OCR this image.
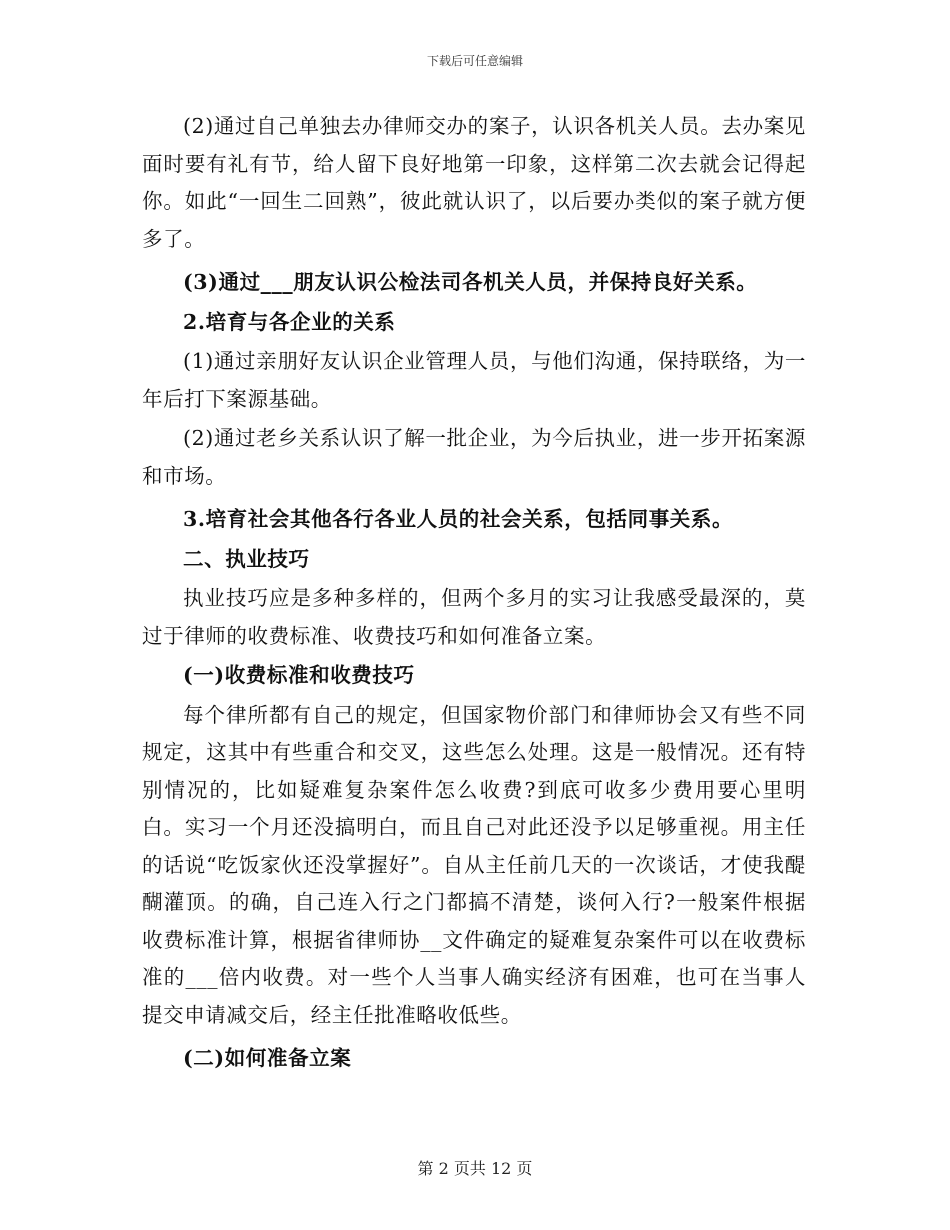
下载后可任意编辑

(2)通过自己单独去办律师交办的案子，认识各机关人员。去办案见面时要有礼有节，给人留下良好地第一印象，这样第二次去就会记得起你。如此“一回生二回熟”，彼此就认识了，以后要办类似的案子就方便多了。

(3)通过___朋友认识公检法司各机关人员，并保持良好关系。

2.培育与各企业的关系

(1)通过亲朋好友认识企业管理人员，与他们沟通，保持联络，为一年后打下案源基础。

(2)通过老乡关系认识了解一批企业，为今后执业，进一步开拓案源和市场。

3.培育社会其他各行各业人员的社会关系，包括同事关系。

二、执业技巧

执业技巧应是多种多样的，但两个多月的实习让我感受最深的，莫过于律师的收费标准、收费技巧和如何准备立案。

(一)收费标准和收费技巧

每个律所都有自己的规定，但国家物价部门和律师协会又有些不同规定，这其中有些重合和交叉，这些怎么处理。这是一般情况。还有特别情况的，比如疑难复杂案件怎么收费?到底可收多少费用要心里明白。实习一个月还没搞明白，而且自己对此还没予以足够重视。用主任的话说“吃饭家伙还没掌握好”。自从主任前几天的一次谈话，才使我醍醐灌顶。的确，自己连入行之门都搞不清楚，谈何入行?一般案件根据收费标准计算，根据省律师协__文件确定的疑难复杂案件可以在收费标准的___倍内收费。对一些个人当事人确实经济有困难，也可在当事人提交申请减交后，经主任批准略收低些。

(二)如何准备立案

第 2 页共 12 页
